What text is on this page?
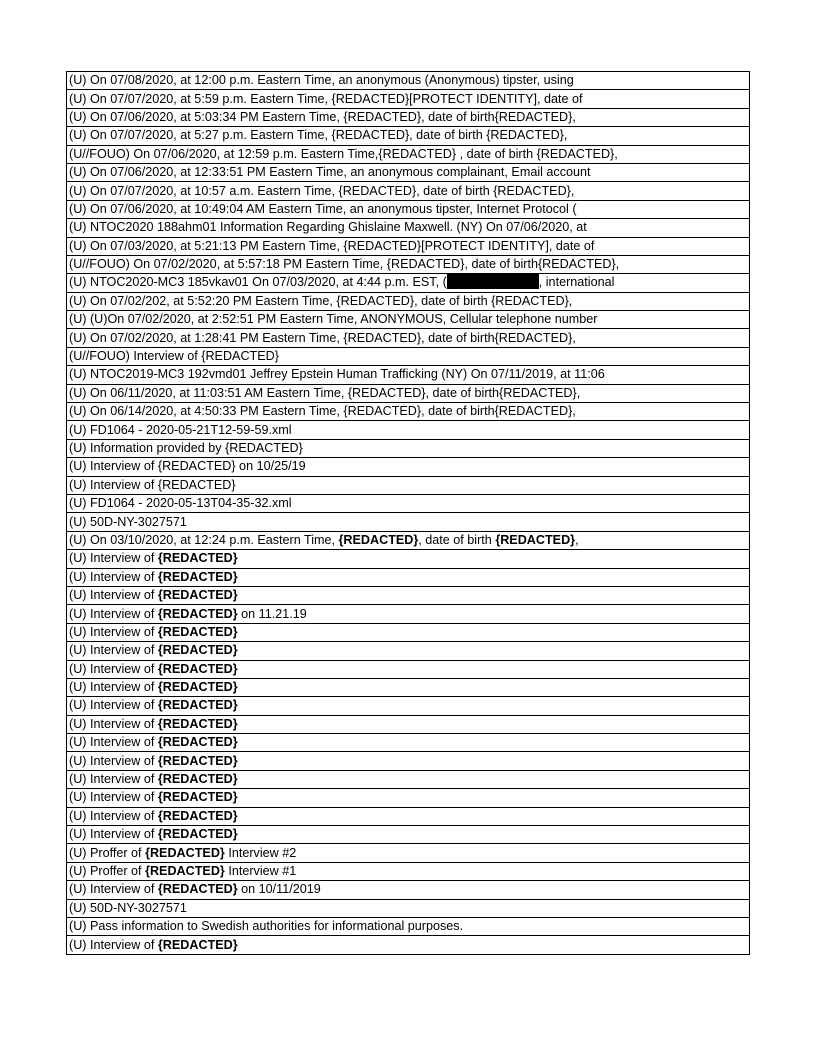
(U) On 07/08/2020, at 12:00 p.m. Eastern Time, an anonymous (Anonymous) tipster, using
(U) On 07/07/2020, at 5:59 p.m. Eastern Time, {REDACTED}[PROTECT IDENTITY], date of
(U) On 07/06/2020, at 5:03:34 PM Eastern Time, {REDACTED}, date of birth{REDACTED},
(U) On 07/07/2020, at 5:27 p.m. Eastern Time, {REDACTED}, date of birth {REDACTED},
(U//FOUO) On 07/06/2020, at 12:59 p.m. Eastern Time,{REDACTED} , date of birth {REDACTED},
(U) On 07/06/2020, at 12:33:51 PM Eastern Time, an anonymous complainant, Email account
(U) On 07/07/2020, at 10:57 a.m. Eastern Time, {REDACTED}, date of birth {REDACTED},
(U) On 07/06/2020, at 10:49:04 AM Eastern Time, an anonymous tipster, Internet Protocol (
(U) NTOC2020 188ahm01 Information Regarding Ghislaine Maxwell. (NY) On 07/06/2020, at
(U) On 07/03/2020, at 5:21:13 PM Eastern Time, {REDACTED}[PROTECT IDENTITY], date of
(U//FOUO) On 07/02/2020, at 5:57:18 PM Eastern Time, {REDACTED}, date of birth{REDACTED},
(U) NTOC2020-MC3 185vkav01 On 07/03/2020, at 4:44 p.m. EST, (	, international
(U) On 07/02/202, at 5:52:20 PM Eastern Time, {REDACTED}, date of birth {REDACTED},
(U) (U)On 07/02/2020, at 2:52:51 PM Eastern Time, ANONYMOUS, Cellular telephone number
(U) On 07/02/2020, at 1:28:41 PM Eastern Time, {REDACTED}, date of birth{REDACTED},
(U//FOUO) Interview of {REDACTED}
(U) NTOC2019-MC3 192vmd01 Jeffrey Epstein Human Trafficking (NY) On 07/11/2019, at 11:06
(U) On 06/11/2020, at 11:03:51 AM Eastern Time, {REDACTED}, date of birth{REDACTED},
(U) On 06/14/2020, at 4:50:33 PM Eastern Time, {REDACTED}, date of birth{REDACTED},
(U) FD1064 - 2020-05-21T12-59-59.xml
(U) Information provided by {REDACTED}
(U) Interview of {REDACTED} on 10/25/19
(U) Interview of {REDACTED}
(U) FD1064 - 2020-05-13T04-35-32.xml
(U) 50D-NY-3027571
(U) On 03/10/2020, at 12:24 p.m. Eastern Time, {REDACTED}, date of birth {REDACTED},
(U) Interview of {REDACTED}
(U) Interview of {REDACTED}
(U) Interview of {REDACTED}
(U) Interview of {REDACTED} on 11.21.19
(U) Interview of {REDACTED}
(U) Interview of {REDACTED}
(U) Interview of {REDACTED}
(U) Interview of {REDACTED}
(U) Interview of {REDACTED}
(U) Interview of {REDACTED}
(U) Interview of {REDACTED}
(U) Interview of {REDACTED}
(U) Interview of {REDACTED}
(U) Interview of {REDACTED}
(U) Interview of {REDACTED}
(U) Interview of {REDACTED}
(U) Proffer of {REDACTED} Interview #2
(U) Proffer of {REDACTED} Interview #1
(U) Interview of {REDACTED} on 10/11/2019
(U) 50D-NY-3027571
(U) Pass information to Swedish authorities for informational purposes.
(U) Interview of {REDACTED}
